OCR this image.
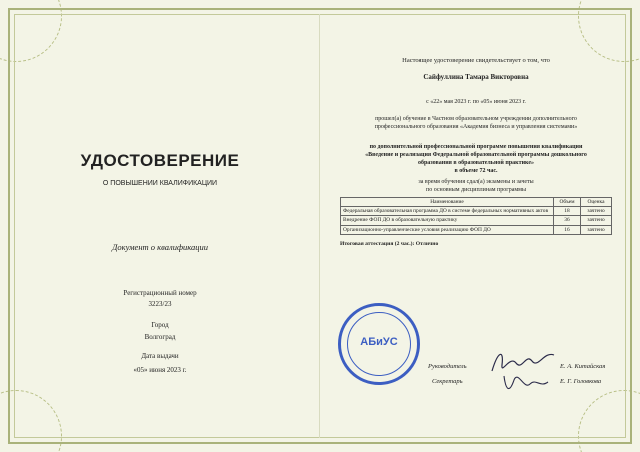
УДОСТОВЕРЕНИЕ
О ПОВЫШЕНИИ КВАЛИФИКАЦИИ
Документ о квалификации
Регистрационный номер
3223/23
Город
Волгоград
Дата выдачи
«05» июня 2023 г.
Настоящее удостоверение свидетельствует о том, что
Сайфуллина Тамара Викторовна
с «22» мая 2023 г. по «05» июня 2023 г.
прошел(а) обучение в Частном образовательном учреждении дополнительного
профессионального образования «Академия бизнеса и управления системами»
по дополнительной профессиональной программе повышения квалификации
«Введение и реализация Федеральной образовательной программы дошкольного
образования в образовательной практике»
в объеме 72 час.
за время обучения сдал(а) экзамены и зачеты
по основным дисциплинам программы
Наименование	Объем	Оценка
Федеральная образовательная программа ДО в системе федеральных нормативных актов	18	зачтено
Внедрение ФОП ДО в образовательную практику	36	зачтено
Организационно-управленческие условия реализацию ФОП ДО	16	зачтено
Итоговая аттестация (2 час.): Отлично
АБиУС
Руководитель	Е. А. Китайская
Секретарь	Е. Г. Головкова
